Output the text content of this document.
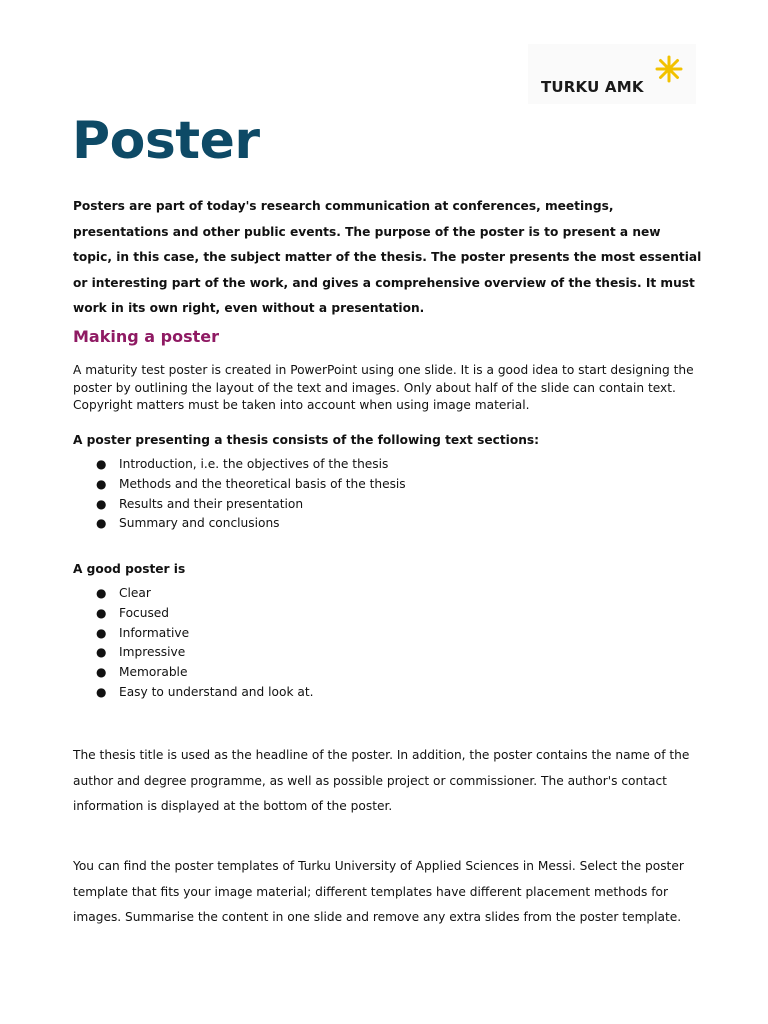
TURKU AMK
Poster

Posters are part of today's research communication at conferences, meetings, presentations and other public events. The purpose of the poster is to present a new topic, in this case, the subject matter of the thesis. The poster presents the most essential or interesting part of the work, and gives a comprehensive overview of the thesis. It must work in its own right, even without a presentation.

Making a poster

A maturity test poster is created in PowerPoint using one slide. It is a good idea to start designing the poster by outlining the layout of the text and images. Only about half of the slide can contain text. Copyright matters must be taken into account when using image material.

A poster presenting a thesis consists of the following text sections:

● Introduction, i.e. the objectives of the thesis
● Methods and the theoretical basis of the thesis
● Results and their presentation
● Summary and conclusions

A good poster is

● Clear
● Focused
● Informative
● Impressive
● Memorable
● Easy to understand and look at.

The thesis title is used as the headline of the poster. In addition, the poster contains the name of the author and degree programme, as well as possible project or commissioner. The author's contact information is displayed at the bottom of the poster.

You can find the poster templates of Turku University of Applied Sciences in Messi. Select the poster template that fits your image material; different templates have different placement methods for images. Summarise the content in one slide and remove any extra slides from the poster template.
